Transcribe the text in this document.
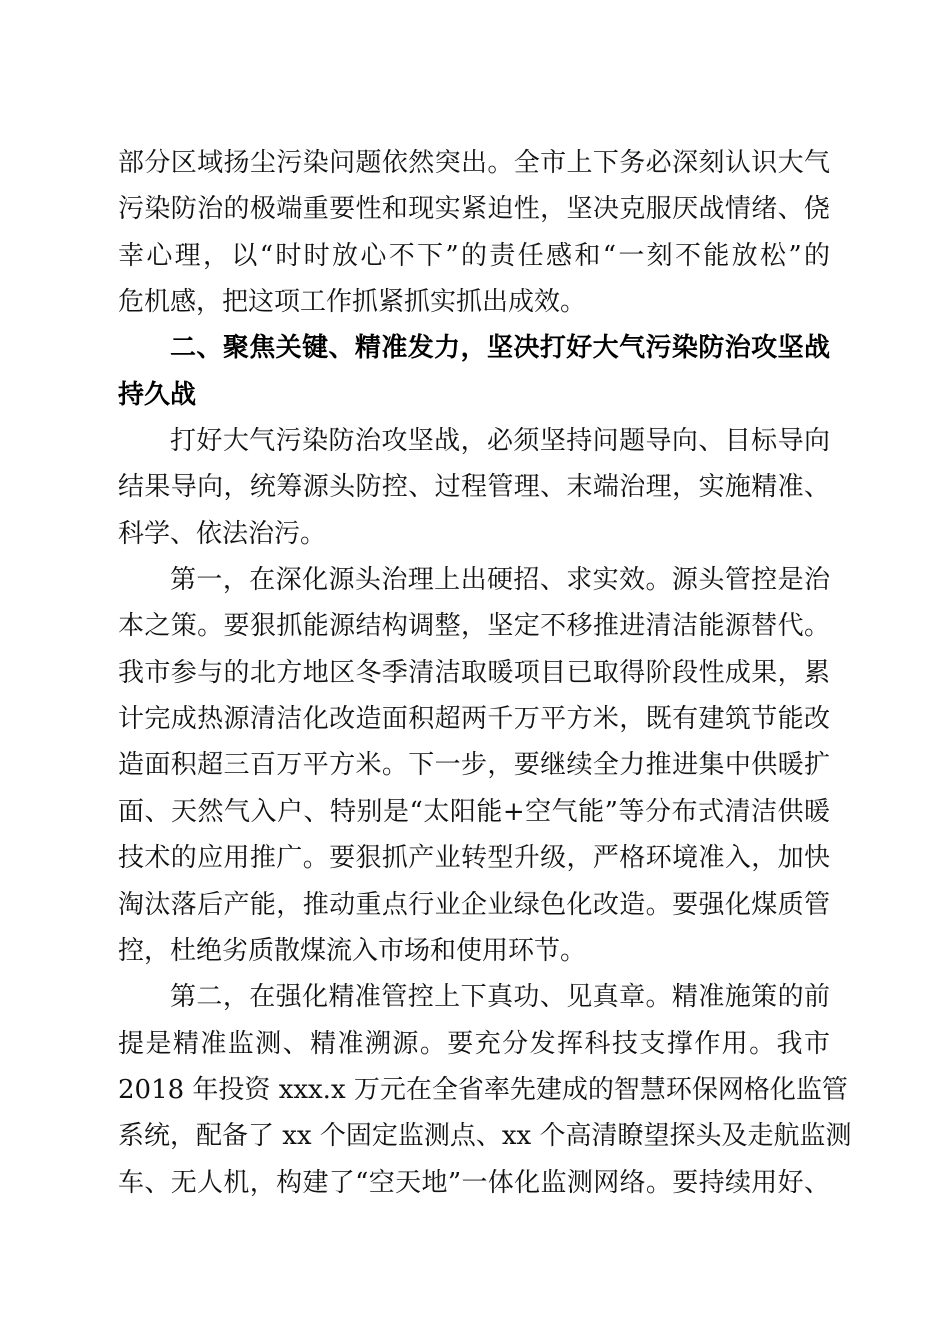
部分区域扬尘污染问题依然突出。全市上下务必深刻认识大气
污染防治的极端重要性和现实紧迫性，坚决克服厌战情绪、侥
幸心理，以“时时放心不下”的责任感和“一刻不能放松”的
危机感，把这项工作抓紧抓实抓出成效。
二、聚焦关键、精准发力，坚决打好大气污染防治攻坚战
持久战
打好大气污染防治攻坚战，必须坚持问题导向、目标导向
结果导向，统筹源头防控、过程管理、末端治理，实施精准、
科学、依法治污。
第一，在深化源头治理上出硬招、求实效。源头管控是治
本之策。要狠抓能源结构调整，坚定不移推进清洁能源替代。
我市参与的北方地区冬季清洁取暖项目已取得阶段性成果，累
计完成热源清洁化改造面积超两千万平方米，既有建筑节能改
造面积超三百万平方米。下一步，要继续全力推进集中供暖扩
面、天然气入户、特别是“太阳能+空气能”等分布式清洁供暖
技术的应用推广。要狠抓产业转型升级，严格环境准入，加快
淘汰落后产能，推动重点行业企业绿色化改造。要强化煤质管
控，杜绝劣质散煤流入市场和使用环节。
第二，在强化精准管控上下真功、见真章。精准施策的前
提是精准监测、精准溯源。要充分发挥科技支撑作用。我市
2018 年投资 xxx.x 万元在全省率先建成的智慧环保网格化监管
系统，配备了 xx 个固定监测点、xx 个高清瞭望探头及走航监测
车、无人机，构建了“空天地”一体化监测网络。要持续用好、
